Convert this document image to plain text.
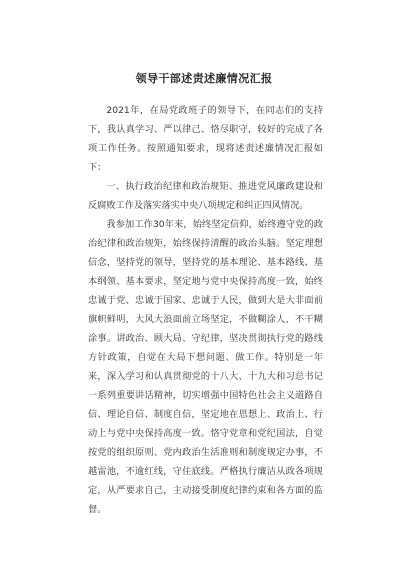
领导干部述责述廉情况汇报

2021年，在局党政班子的领导下，在同志们的支持下，我认真学习、严以律己、恪尽职守，较好的完成了各项工作任务。按照通知要求，现将述责述廉情况汇报如下：

一、执行政治纪律和政治规矩、推进党风廉政建设和反腐败工作及落实落实中央八项规定和纠正四风情况。

我参加工作30年来，始终坚定信仰，始终遵守党的政治纪律和政治规矩，始终保持清醒的政治头脑。坚定理想信念，坚持党的领导，坚持党的基本理论、基本路线、基本纲领、基本要求，坚定地与党中央保持高度一致，始终忠诚于党、忠诚于国家、忠诚于人民，做到大是大非面前旗帜鲜明，大风大浪面前立场坚定，不做糊涂人，不干糊涂事。讲政治、顾大局、守纪律，坚决贯彻执行党的路线方针政策，自觉在大局下想问题、做工作。特别是一年来，深入学习和认真贯彻党的十八大、十九大和习总书记一系列重要讲话精神，切实增强中国特色社会主义道路自信、理论自信、制度自信，坚定地在思想上、政治上、行动上与党中央保持高度一致。恪守党章和党纪国法，自觉按党的组织原则、党内政治生活准则和制度规定办事，不越雷池，不逾红线，守住底线。严格执行廉洁从政各项规定，从严要求自己，主动接受制度纪律约束和各方面的监督。
